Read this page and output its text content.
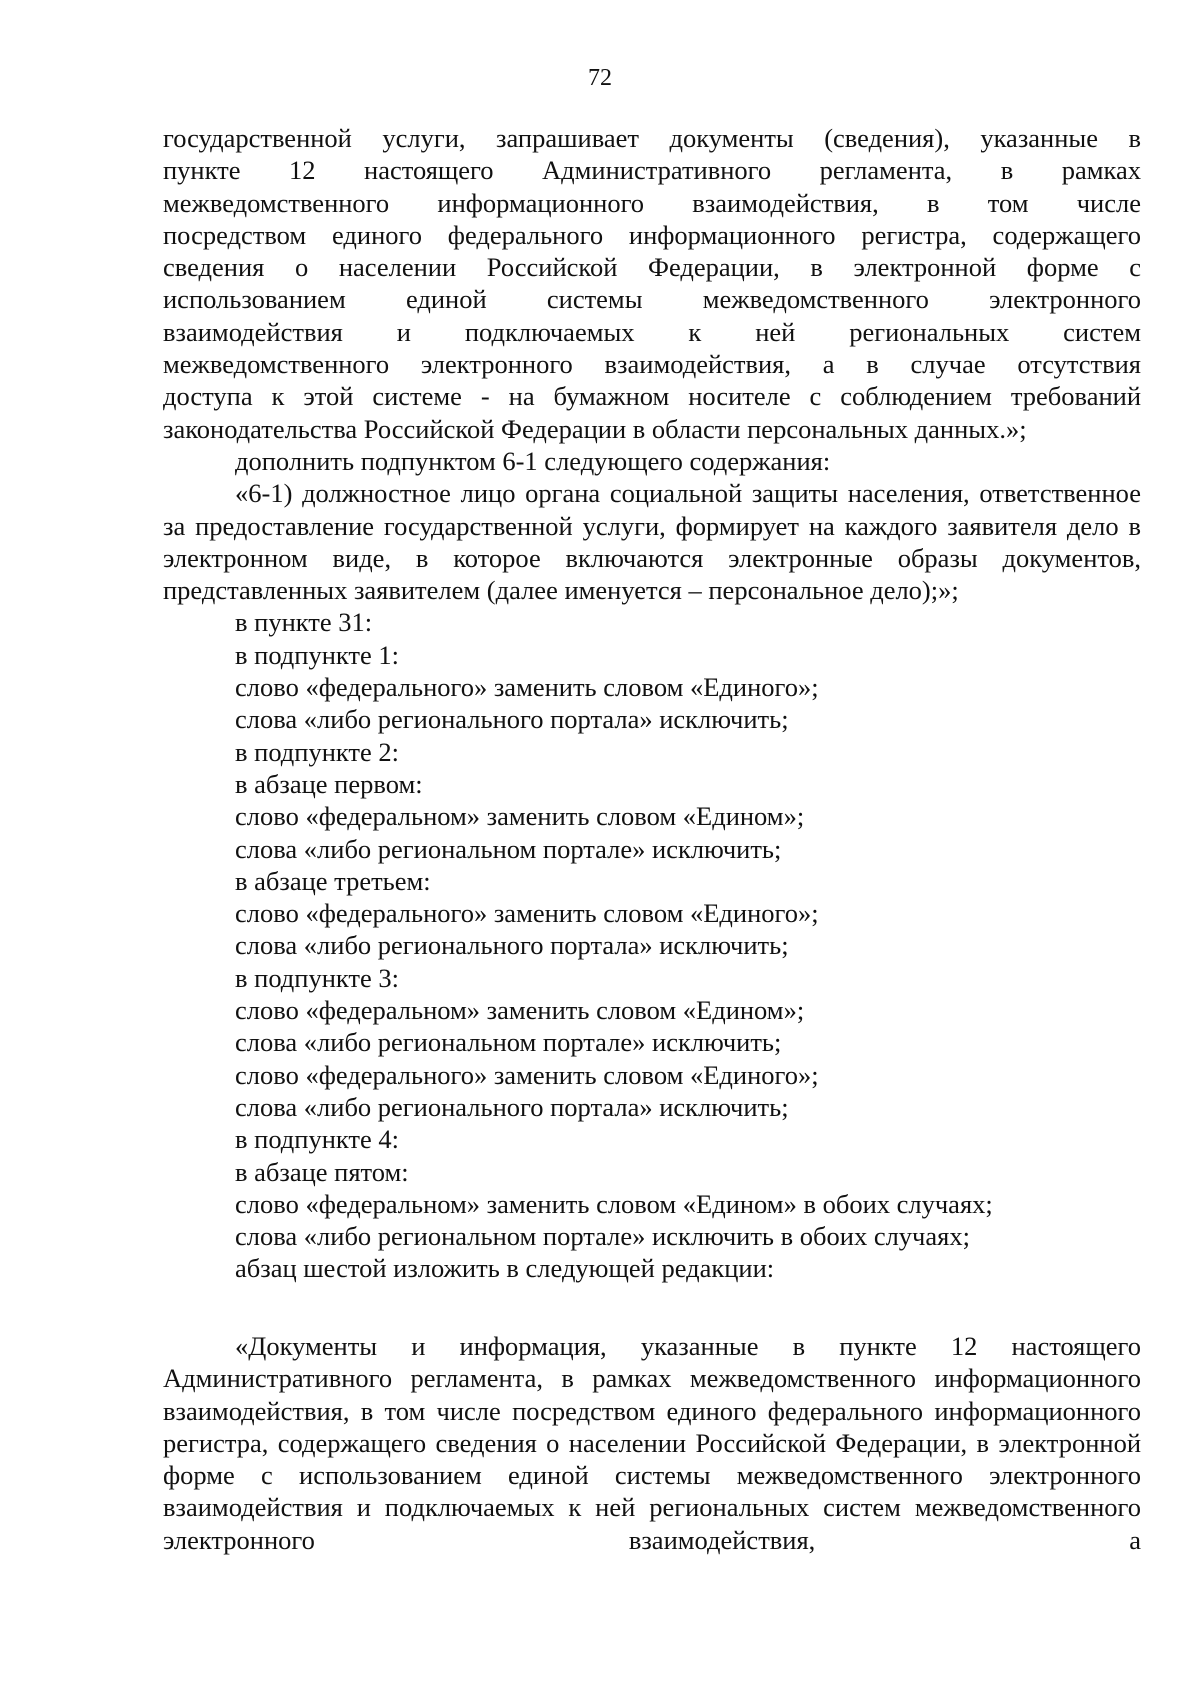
72

государственной услуги, запрашивает документы (сведения), указанные в

пункте 12 настоящего Административного регламента, в рамках

межведомственного информационного взаимодействия, в том числе

посредством единого федерального информационного регистра, содержащего

сведения о населении Российской Федерации, в электронной форме с

использованием единой системы межведомственного электронного

взаимодействия и подключаемых к ней региональных систем

межведомственного электронного взаимодействия, а в случае отсутствия

доступа к этой системе - на бумажном носителе с соблюдением требований

законодательства Российской Федерации в области персональных данных.»;

дополнить подпунктом 6-1 следующего содержания:

«6-1) должностное лицо органа социальной защиты населения, ответственное за предоставление государственной услуги, формирует на каждого заявителя дело в электронном виде, в которое включаются электронные образы документов, представленных заявителем (далее именуется – персональное дело);»;

в пункте 31:

в подпункте 1:

слово «федерального» заменить словом «Единого»;

слова «либо регионального портала» исключить;

в подпункте 2:

в абзаце первом:

слово «федеральном» заменить словом «Едином»;

слова «либо региональном портале» исключить;

в абзаце третьем:

слово «федерального» заменить словом «Единого»;

слова «либо регионального портала» исключить;

в подпункте 3:

слово «федеральном» заменить словом «Едином»;

слова «либо региональном портале» исключить;

слово «федерального» заменить словом «Единого»;

слова «либо регионального портала» исключить;

в подпункте 4:

в абзаце пятом:

слово «федеральном» заменить словом «Едином» в обоих случаях;

слова «либо региональном портале» исключить в обоих случаях;

абзац шестой изложить в следующей редакции:

«Документы и информация, указанные в пункте 12 настоящего Административного регламента, в рамках межведомственного информационного взаимодействия, в том числе посредством единого федерального информационного регистра, содержащего сведения о населении Российской Федерации, в электронной форме с использованием единой системы межведомственного электронного взаимодействия и подключаемых к ней региональных систем межведомственного электронного взаимодействия, а
